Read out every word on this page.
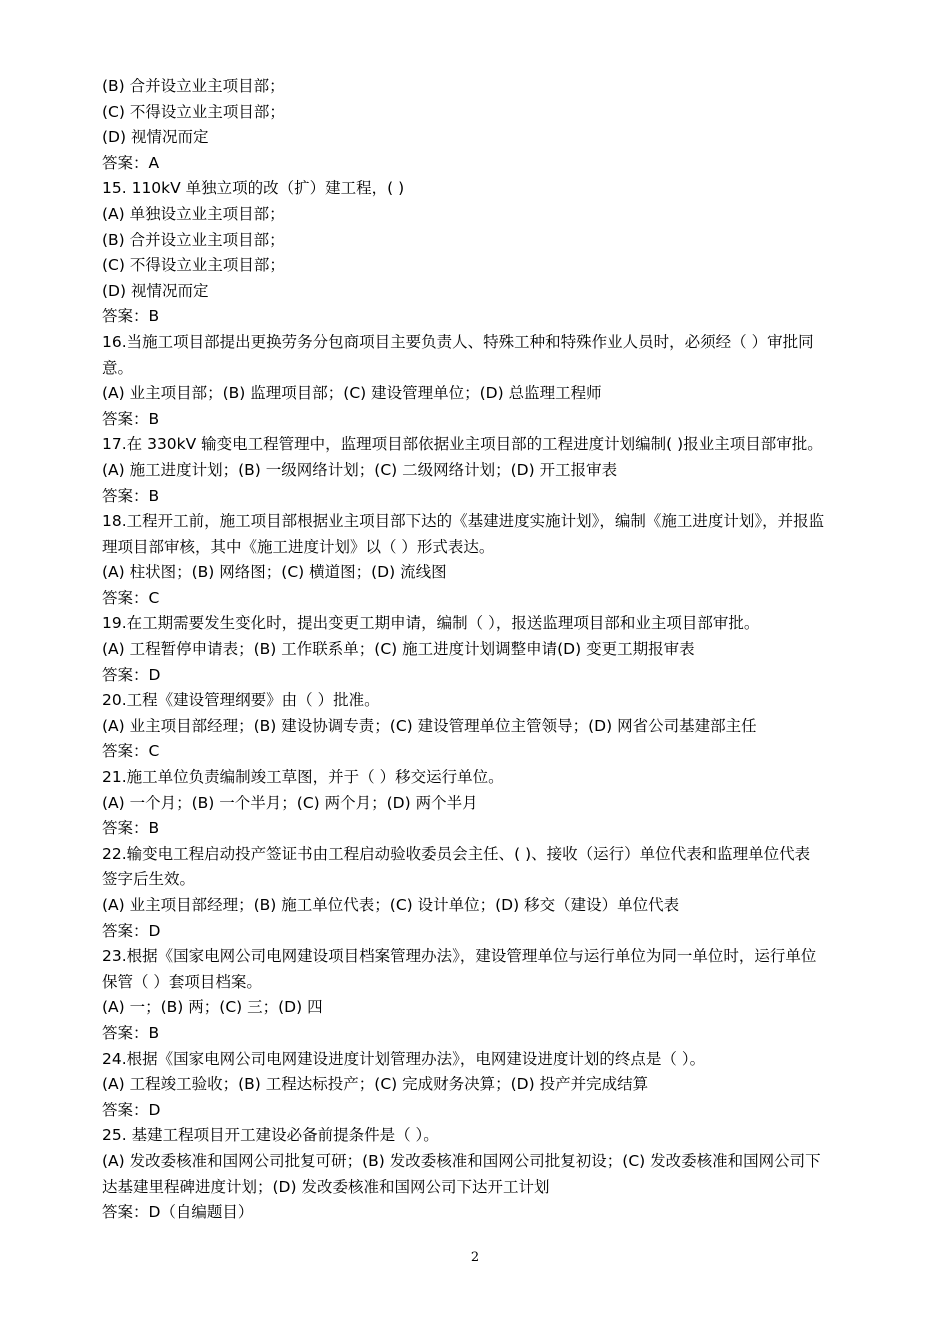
(B) 合并设立业主项目部；
(C) 不得设立业主项目部；
(D) 视情况而定
答案：A
15. 110kV 单独立项的改（扩）建工程，( )
(A) 单独设立业主项目部；
(B) 合并设立业主项目部；
(C) 不得设立业主项目部；
(D) 视情况而定
答案：B
16.当施工项目部提出更换劳务分包商项目主要负责人、特殊工种和特殊作业人员时，必须经（ ）审批同
意。
(A) 业主项目部；(B) 监理项目部；(C) 建设管理单位；(D) 总监理工程师
答案：B
17.在 330kV 输变电工程管理中，监理项目部依据业主项目部的工程进度计划编制( )报业主项目部审批。
(A) 施工进度计划；(B) 一级网络计划；(C) 二级网络计划；(D) 开工报审表
答案：B
18.工程开工前，施工项目部根据业主项目部下达的《基建进度实施计划》，编制《施工进度计划》，并报监
理项目部审核，其中《施工进度计划》以（ ）形式表达。
(A) 柱状图；(B) 网络图；(C) 横道图；(D) 流线图
答案：C
19.在工期需要发生变化时，提出变更工期申请，编制（ ），报送监理项目部和业主项目部审批。
(A) 工程暂停申请表；(B) 工作联系单；(C) 施工进度计划调整申请(D) 变更工期报审表
答案：D
20.工程《建设管理纲要》由（ ）批准。
(A) 业主项目部经理；(B) 建设协调专责；(C) 建设管理单位主管领导；(D) 网省公司基建部主任
答案：C
21.施工单位负责编制竣工草图，并于（ ）移交运行单位。
(A) 一个月；(B) 一个半月；(C) 两个月；(D) 两个半月
答案：B
22.输变电工程启动投产签证书由工程启动验收委员会主任、( )、接收（运行）单位代表和监理单位代表
签字后生效。
(A) 业主项目部经理；(B) 施工单位代表；(C) 设计单位；(D) 移交（建设）单位代表
答案：D
23.根据《国家电网公司电网建设项目档案管理办法》，建设管理单位与运行单位为同一单位时，运行单位
保管（ ）套项目档案。
(A) 一；(B) 两；(C) 三；(D) 四
答案：B
24.根据《国家电网公司电网建设进度计划管理办法》，电网建设进度计划的终点是（ ）。
(A) 工程竣工验收；(B) 工程达标投产；(C) 完成财务决算；(D) 投产并完成结算
答案：D
25. 基建工程项目开工建设必备前提条件是（ ）。
(A) 发改委核准和国网公司批复可研；(B) 发改委核准和国网公司批复初设；(C) 发改委核准和国网公司下
达基建里程碑进度计划；(D) 发改委核准和国网公司下达开工计划
答案：D（自编题目）
2
